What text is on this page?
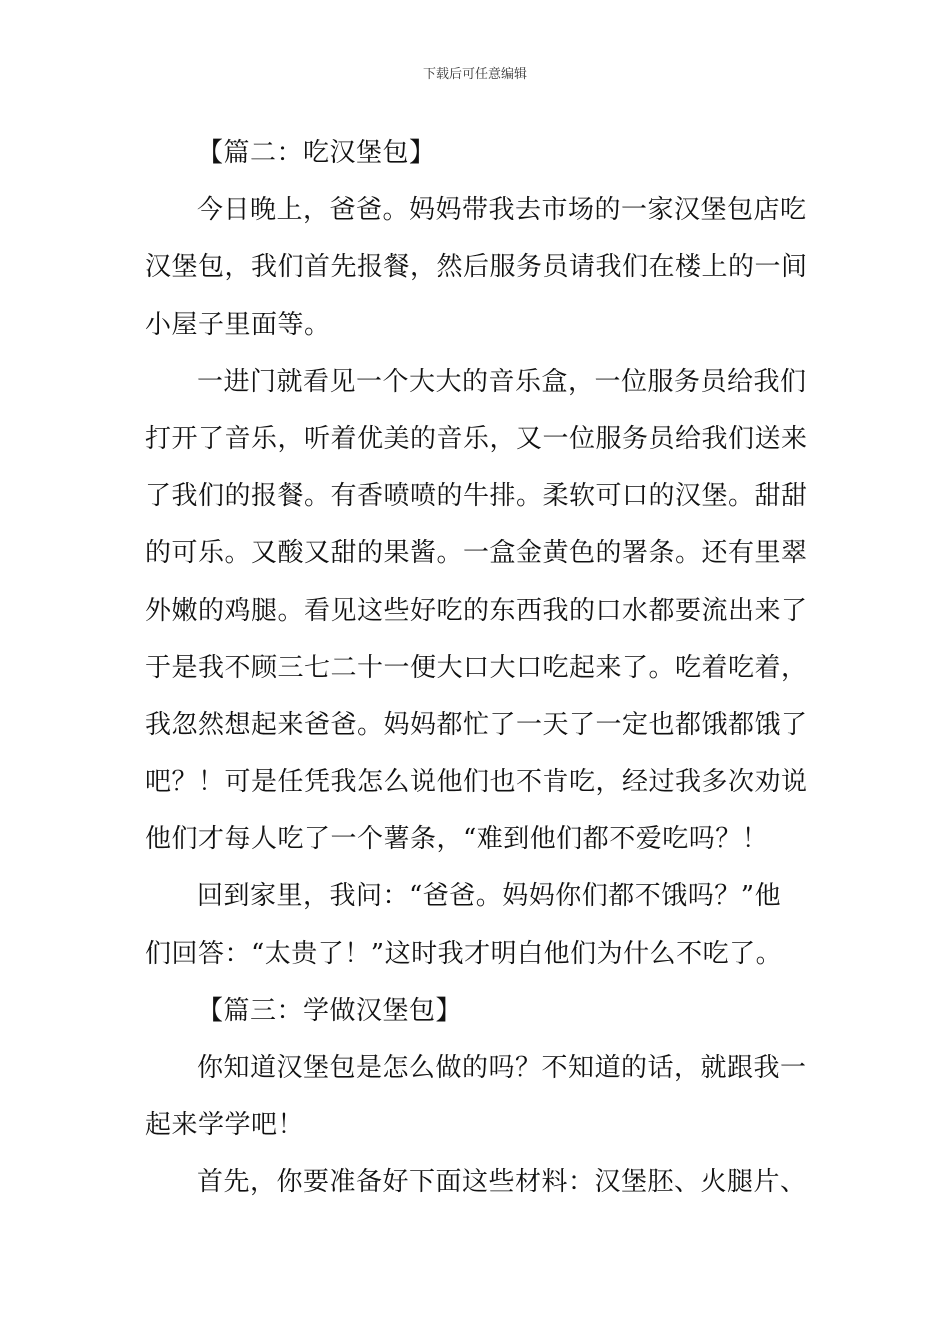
下载后可任意编辑
【篇二：吃汉堡包】
今日晚上，爸爸。妈妈带我去市场的一家汉堡包店吃
汉堡包，我们首先报餐，然后服务员请我们在楼上的一间
小屋子里面等。
一进门就看见一个大大的音乐盒，一位服务员给我们
打开了音乐，听着优美的音乐，又一位服务员给我们送来
了我们的报餐。有香喷喷的牛排。柔软可口的汉堡。甜甜
的可乐。又酸又甜的果酱。一盒金黄色的署条。还有里翠
外嫩的鸡腿。看见这些好吃的东西我的口水都要流出来了
于是我不顾三七二十一便大口大口吃起来了。吃着吃着，
我忽然想起来爸爸。妈妈都忙了一天了一定也都饿都饿了
吧？！可是任凭我怎么说他们也不肯吃，经过我多次劝说
他们才每人吃了一个薯条，“难到他们都不爱吃吗？！
回到家里，我问：“爸爸。妈妈你们都不饿吗？”他
们回答：“太贵了！”这时我才明白他们为什么不吃了。
【篇三：学做汉堡包】
你知道汉堡包是怎么做的吗？不知道的话，就跟我一
起来学学吧！
首先，你要准备好下面这些材料：汉堡胚、火腿片、
